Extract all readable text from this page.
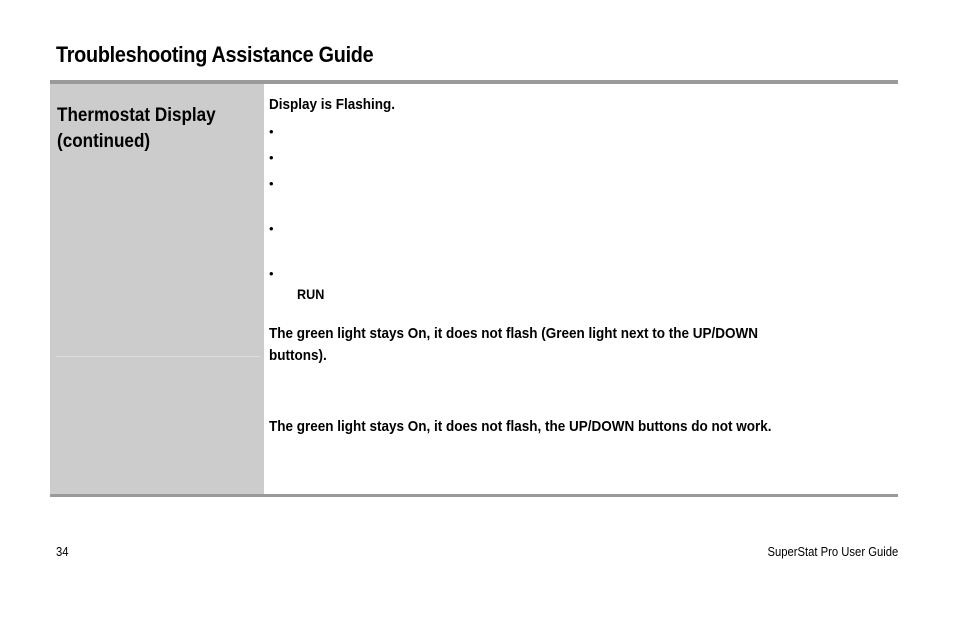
Troubleshooting Assistance Guide
Thermostat Display
(continued)
Display is Flashing.
•
•
•
•
•
RUN
The green light stays On, it does not flash (Green light next to the UP/DOWN
buttons).
The green light stays On, it does not flash, the UP/DOWN buttons do not work.
34	SuperStat Pro User Guide
